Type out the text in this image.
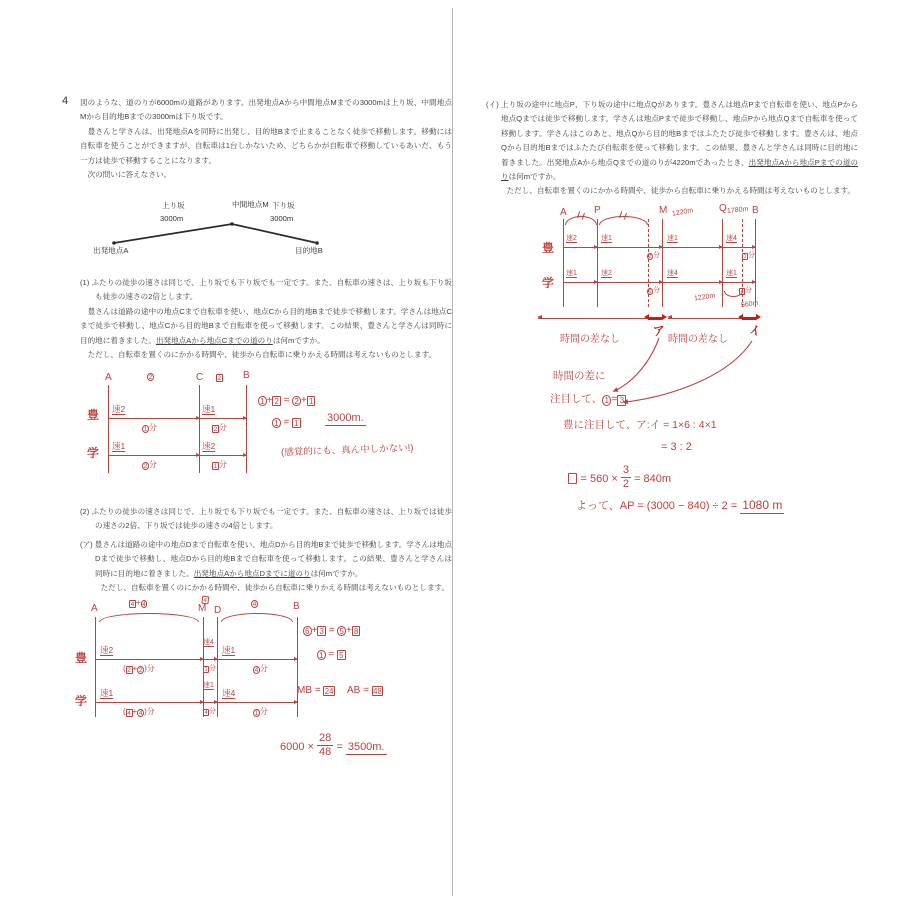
4 図のような、道のりが6000mの道路があります。出発地点Aから中間地点Mまでの3000mは上り坂、中間地点Mから目的地Bまでの3000mは下り坂です。
　豊さんと学さんは、出発地点Aを同時に出発し、目的地Bまで止まることなく徒歩で移動します。移動には自転車を使うことができますが、自転車は1台しかないため、どちらかが自転車で移動しているあいだ、もう一方は徒歩で移動することになります。
　次の問いに答えなさい。
上り坂
3000m
中間地点M 下り坂
3000m
出発地点A	目的地B
(1) ふたりの徒歩の速さは同じで、上り坂でも下り坂でも一定です。また、自転車の速さは、上り坂も下り坂も徒歩の速さの2倍とします。
　豊さんは道路の途中の地点Cまで自転車を使い、地点Cから目的地Bまで徒歩で移動します。学さんは地点Cまで徒歩で移動し、地点Cから目的地Bまで自転車を使って移動します。この結果、豊さんと学さんは同時に目的地に着きました。出発地点Aから地点Cまでの道のりは何mですか。
　ただし、自転車を置くのにかかる時間や、徒歩から自転車に乗りかえる時間は考えないものとします。
A	C	B
2	2
豊
学
速2
1 分
速1
2 分
速1
2 分
速2
1 分
1 + 2 = 2 + 1
1 = 1	3000m.
(感覚的にも、真ん中しかない!)
(2) ふたりの徒歩の速さは同じで、上り坂でも下り坂でも一定です。また、自転車の速さは、上り坂では徒歩の速さの2倍、下り坂では徒歩の速さの4倍とします。
(ア) 豊さんは道路の途中の地点Dまで自転車を使い、地点Dから目的地Bまで徒歩で移動します。学さんは地点Dまで徒歩で移動し、地点Dから目的地Bまで自転車を使って移動します。この結果、豊さんと学さんは同時に目的地に着きました。出発地点Aから地点Dまでに道のりは何mですか。
　ただし、自転車を置くのにかかる時間や、徒歩から自転車に乗りかえる時間は考えないものとします。
A	M D	B
4 + 4
4
4
豊
学
速2
( 2 + 2 )分
速4
1分
速1
4 分
速1
( 4 + 4 )分
速1
4分
速4
1 分
6 + 3 = 5 + 8
1 = 5
MB = 24 AB = 48
$6000 \times \frac{28}{48} = 3500m$.
(イ) 上り坂の途中に地点P、下り坂の途中に地点Qがあります。豊さんは地点Pまで自転車を使い、地点Pから地点Qまでは徒歩で移動します。学さんは地点Pまで徒歩で移動し、地点Pから地点Qまで自転車を使って移動します。学さんはこのあと、地点Qから目的地Bまではふたたび徒歩で移動します。豊さんは、地点Qから目的地Bまではふたたび自転車を使って移動します。この結果、豊さんと学さんは同時に目的地に着きました。出発地点Aから地点Qまでの道のりが4220mであったとき、出発地点Aから地点Pまでの道のりは何mですか。
　ただし、自転車を置くのにかかる時間や、徒歩から自転車に乗りかえる時間は考えないものとします。
A	P	M	Q	B
1220m	1780m
豊
学
速2	速1	速1	速4
2分	1分
速1	速2	速4	速1
1分	4分
1220m
560m
ア	イ
時間の差なし	時間の差なし
時間の差に
注目して、 1 = 3
豊に注目して、ア:イ = 1×6 : 4×1
= 3 : 2
= $560 \times \frac{3}{2} = 840m$
よって、AP = (3000 − 840) ÷ 2 = 1080 m
